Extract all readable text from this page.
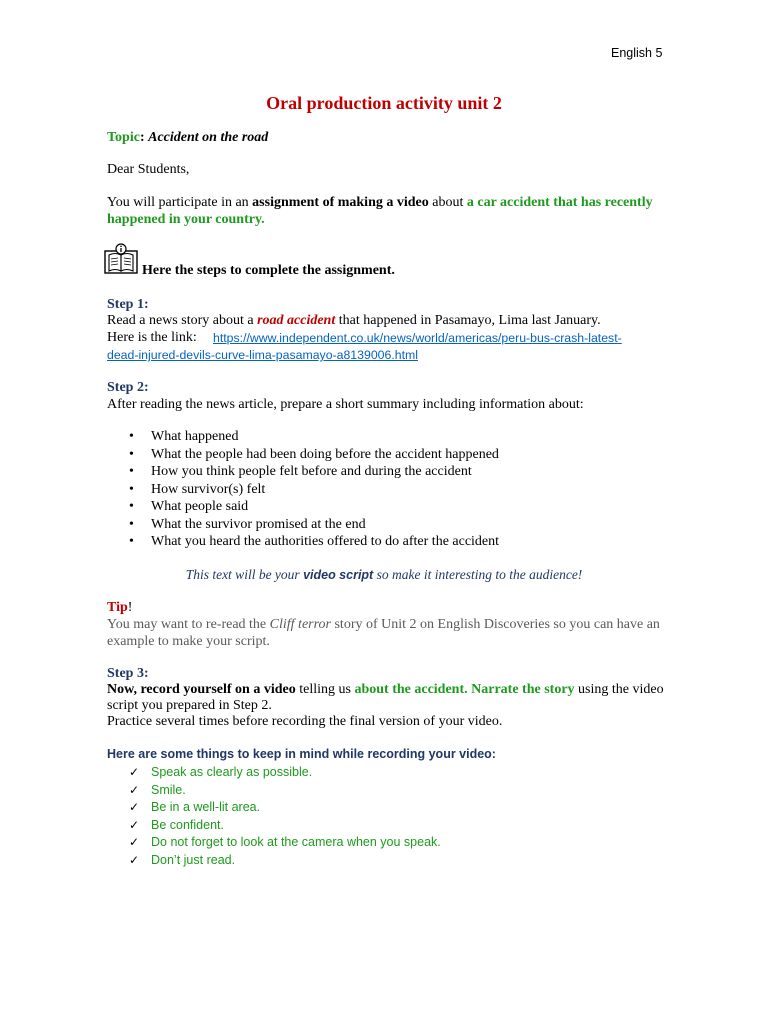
English 5
Oral production activity unit 2
Topic: Accident on the road
Dear Students,
You will participate in an assignment of making a video about a car accident that has recently
happened in your country.
Here the steps to complete the assignment.
Step 1:
Read a news story about a road accident that happened in Pasamayo, Lima last January.
Here is the link: https://www.independent.co.uk/news/world/americas/peru-bus-crash-latest-
dead-injured-devils-curve-lima-pasamayo-a8139006.html
Step 2:
After reading the news article, prepare a short summary including information about:
• What happened
• What the people had been doing before the accident happened
• How you think people felt before and during the accident
• How survivor(s) felt
• What people said
• What the survivor promised at the end
• What you heard the authorities offered to do after the accident
This text will be your video script so make it interesting to the audience!
Tip!
You may want to re-read the Cliff terror story of Unit 2 on English Discoveries so you can have an
example to make your script.
Step 3:
Now, record yourself on a video telling us about the accident. Narrate the story using the video
script you prepared in Step 2.
Practice several times before recording the final version of your video.
Here are some things to keep in mind while recording your video:
✓ Speak as clearly as possible.
✓ Smile.
✓ Be in a well-lit area.
✓ Be confident.
✓ Do not forget to look at the camera when you speak.
✓ Don’t just read.
